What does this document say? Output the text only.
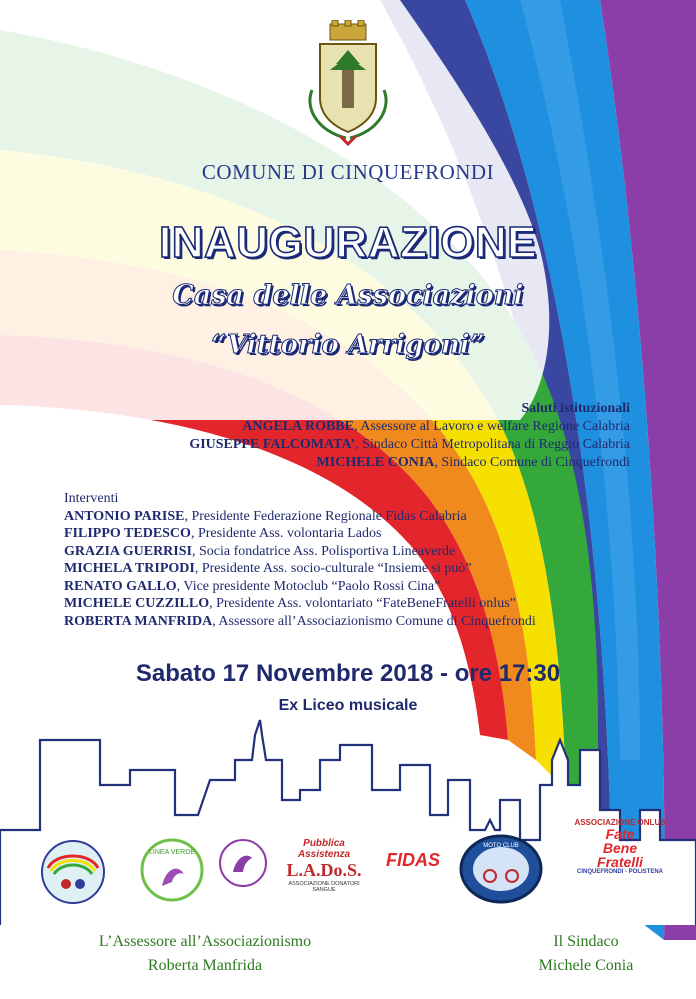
COMUNE DI CINQUEFRONDI
INAUGURAZIONE
Casa delle Associazioni
“Vittorio Arrigoni”
Saluti istituzionali
ANGELA ROBBE, Assessore al Lavoro e welfare Regione Calabria
GIUSEPPE FALCOMATA’, Sindaco Città Metropolitana di Reggio Calabria
MICHELE CONIA, Sindaco Comune di Cinquefrondi
Interventi
ANTONIO PARISE, Presidente Federazione Regionale Fidas Calabria
FILIPPO TEDESCO, Presidente Ass. volontaria Lados
GRAZIA GUERRISI, Socia fondatrice Ass. Polisportiva Lineaverde
MICHELA TRIPODI, Presidente Ass. socio-culturale “Insieme si può”
RENATO GALLO, Vice presidente Motoclub “Paolo Rossi Cina”
MICHELE CUZZILLO, Presidente Ass. volontariato “FateBeneFratelli onlus”
ROBERTA MANFRIDA, Assessore all’Associazionismo Comune di Cinquefrondi
Sabato 17 Novembre 2018 - ore 17:30
Ex Liceo musicale
LINEA VERDE
Pubblica Assistenza
L.A.Do.S.
ASSOCIAZIONE DONATORI SANGUE
FIDAS
MOTO CLUB
ASSOCIAZIONE ONLUS
Fate
Bene
Fratelli
CINQUEFRONDI - POLISTENA
L’Assessore all’Associazionismo
Roberta Manfrida
Il Sindaco
Michele Conia
